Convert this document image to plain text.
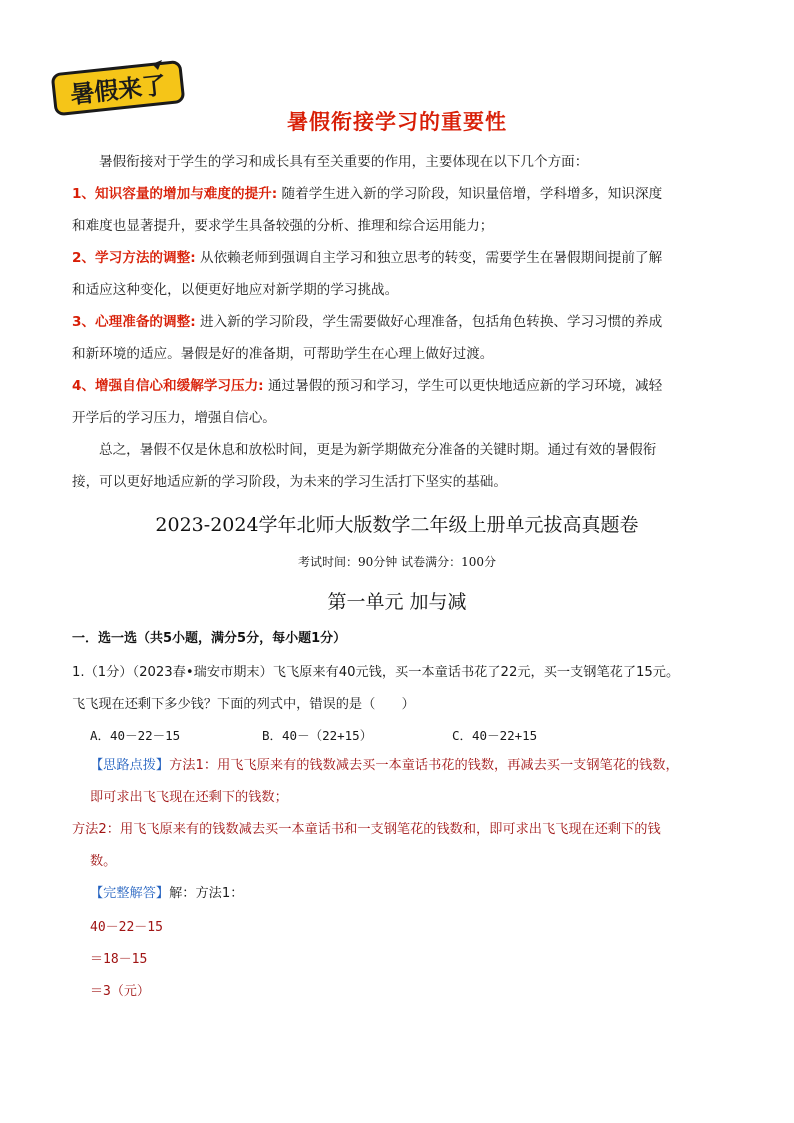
暑假来了
暑假衔接学习的重要性
暑假衔接对于学生的学习和成长具有至关重要的作用，主要体现在以下几个方面：
1、知识容量的增加与难度的提升: 随着学生进入新的学习阶段，知识量倍增，学科增多，知识深度
和难度也显著提升，要求学生具备较强的分析、推理和综合运用能力；
2、学习方法的调整: 从依赖老师到强调自主学习和独立思考的转变，需要学生在暑假期间提前了解
和适应这种变化，以便更好地应对新学期的学习挑战。
3、心理准备的调整: 进入新的学习阶段，学生需要做好心理准备，包括角色转换、学习习惯的养成
和新环境的适应。暑假是好的准备期，可帮助学生在心理上做好过渡。
4、增强自信心和缓解学习压力: 通过暑假的预习和学习，学生可以更快地适应新的学习环境，减轻
开学后的学习压力，增强自信心。
总之，暑假不仅是休息和放松时间，更是为新学期做充分准备的关键时期。通过有效的暑假衔
接，可以更好地适应新的学习阶段，为未来的学习生活打下坚实的基础。
2023-2024学年北师大版数学二年级上册单元拔高真题卷
考试时间：90分钟 试卷满分：100分
第一单元 加与减
一．选一选（共5小题，满分5分，每小题1分）
1.（1分）（2023春•瑞安市期末）飞飞原来有40元钱，买一本童话书花了22元，买一支钢笔花了15元。
飞飞现在还剩下多少钱？下面的列式中，错误的是（　　）
A．40－22－15	B．40－（22+15）	C．40－22+15
【思路点拨】方法1：用飞飞原来有的钱数减去买一本童话书花的钱数，再减去买一支钢笔花的钱数，
即可求出飞飞现在还剩下的钱数；
方法2：用飞飞原来有的钱数减去买一本童话书和一支钢笔花的钱数和，即可求出飞飞现在还剩下的钱
数。
【完整解答】解：方法1：
40－22－15
＝18－15
＝3（元）
